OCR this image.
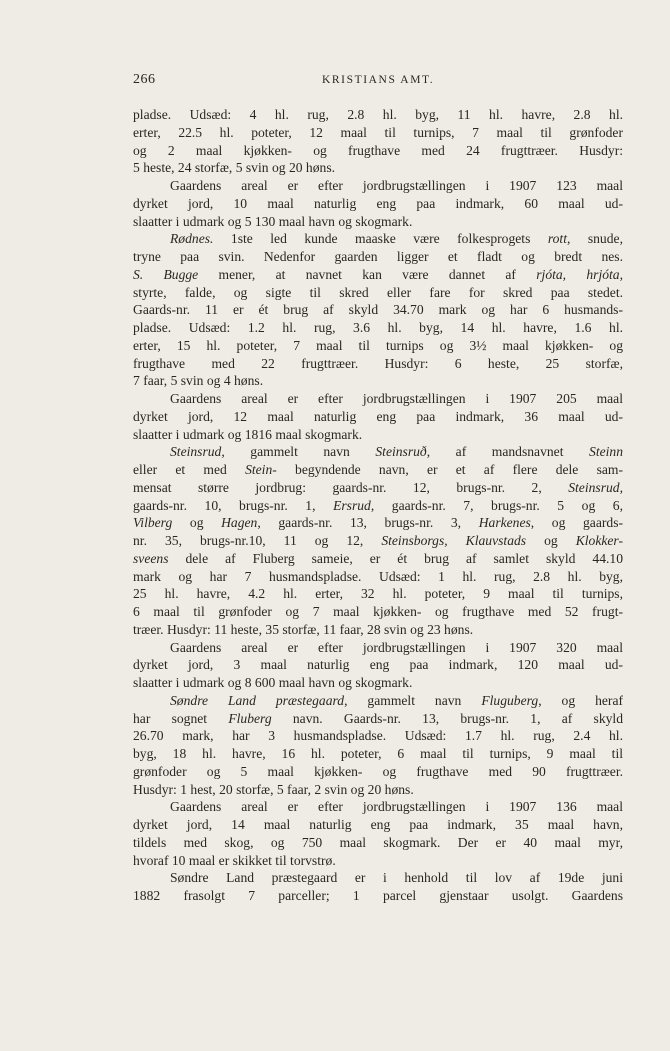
266	KRISTIANS AMT.
pladse. Udsæd: 4 hl. rug, 2.8 hl. byg, 11 hl. havre, 2.8 hl.
erter, 22.5 hl. poteter, 12 maal til turnips, 7 maal til grønfoder
og 2 maal kjøkken- og frugthave med 24 frugttræer. Husdyr:
5 heste, 24 storfæ, 5 svin og 20 høns.
Gaardens areal er efter jordbrugstællingen i 1907 123 maal
dyrket jord, 10 maal naturlig eng paa indmark, 60 maal ud-
slaatter i udmark og 5 130 maal havn og skogmark.
Rødnes. 1ste led kunde maaske være folkesprogets rott, snude,
tryne paa svin. Nedenfor gaarden ligger et fladt og bredt nes.
S. Bugge mener, at navnet kan være dannet af rjóta, hrjóta,
styrte, falde, og sigte til skred eller fare for skred paa stedet.
Gaards-nr. 11 er ét brug af skyld 34.70 mark og har 6 husmands-
pladse. Udsæd: 1.2 hl. rug, 3.6 hl. byg, 14 hl. havre, 1.6 hl.
erter, 15 hl. poteter, 7 maal til turnips og 3½ maal kjøkken- og
frugthave med 22 frugttræer. Husdyr: 6 heste, 25 storfæ,
7 faar, 5 svin og 4 høns.
Gaardens areal er efter jordbrugstællingen i 1907 205 maal
dyrket jord, 12 maal naturlig eng paa indmark, 36 maal ud-
slaatter i udmark og 1816 maal skogmark.
Steinsrud, gammelt navn Steinsruð, af mandsnavnet Steinn
eller et med Stein- begyndende navn, er et af flere dele sam-
mensat større jordbrug: gaards-nr. 12, brugs-nr. 2, Steinsrud,
gaards-nr. 10, brugs-nr. 1, Ersrud, gaards-nr. 7, brugs-nr. 5 og 6,
Vilberg og Hagen, gaards-nr. 13, brugs-nr. 3, Harkenes, og gaards-
nr. 35, brugs-nr.10, 11 og 12, Steinsborgs, Klauvstads og Klokker-
sveens dele af Fluberg sameie, er ét brug af samlet skyld 44.10
mark og har 7 husmandspladse. Udsæd: 1 hl. rug, 2.8 hl. byg,
25 hl. havre, 4.2 hl. erter, 32 hl. poteter, 9 maal til turnips,
6 maal til grønfoder og 7 maal kjøkken- og frugthave med 52 frugt-
træer. Husdyr: 11 heste, 35 storfæ, 11 faar, 28 svin og 23 høns.
Gaardens areal er efter jordbrugstællingen i 1907 320 maal
dyrket jord, 3 maal naturlig eng paa indmark, 120 maal ud-
slaatter i udmark og 8 600 maal havn og skogmark.
Søndre Land præstegaard, gammelt navn Fluguberg, og heraf
har sognet Fluberg navn. Gaards-nr. 13, brugs-nr. 1, af skyld
26.70 mark, har 3 husmandspladse. Udsæd: 1.7 hl. rug, 2.4 hl.
byg, 18 hl. havre, 16 hl. poteter, 6 maal til turnips, 9 maal til
grønfoder og 5 maal kjøkken- og frugthave med 90 frugttræer.
Husdyr: 1 hest, 20 storfæ, 5 faar, 2 svin og 20 høns.
Gaardens areal er efter jordbrugstællingen i 1907 136 maal
dyrket jord, 14 maal naturlig eng paa indmark, 35 maal havn,
tildels med skog, og 750 maal skogmark. Der er 40 maal myr,
hvoraf 10 maal er skikket til torvstrø.
Søndre Land præstegaard er i henhold til lov af 19de juni
1882 frasolgt 7 parceller; 1 parcel gjenstaar usolgt. Gaardens
